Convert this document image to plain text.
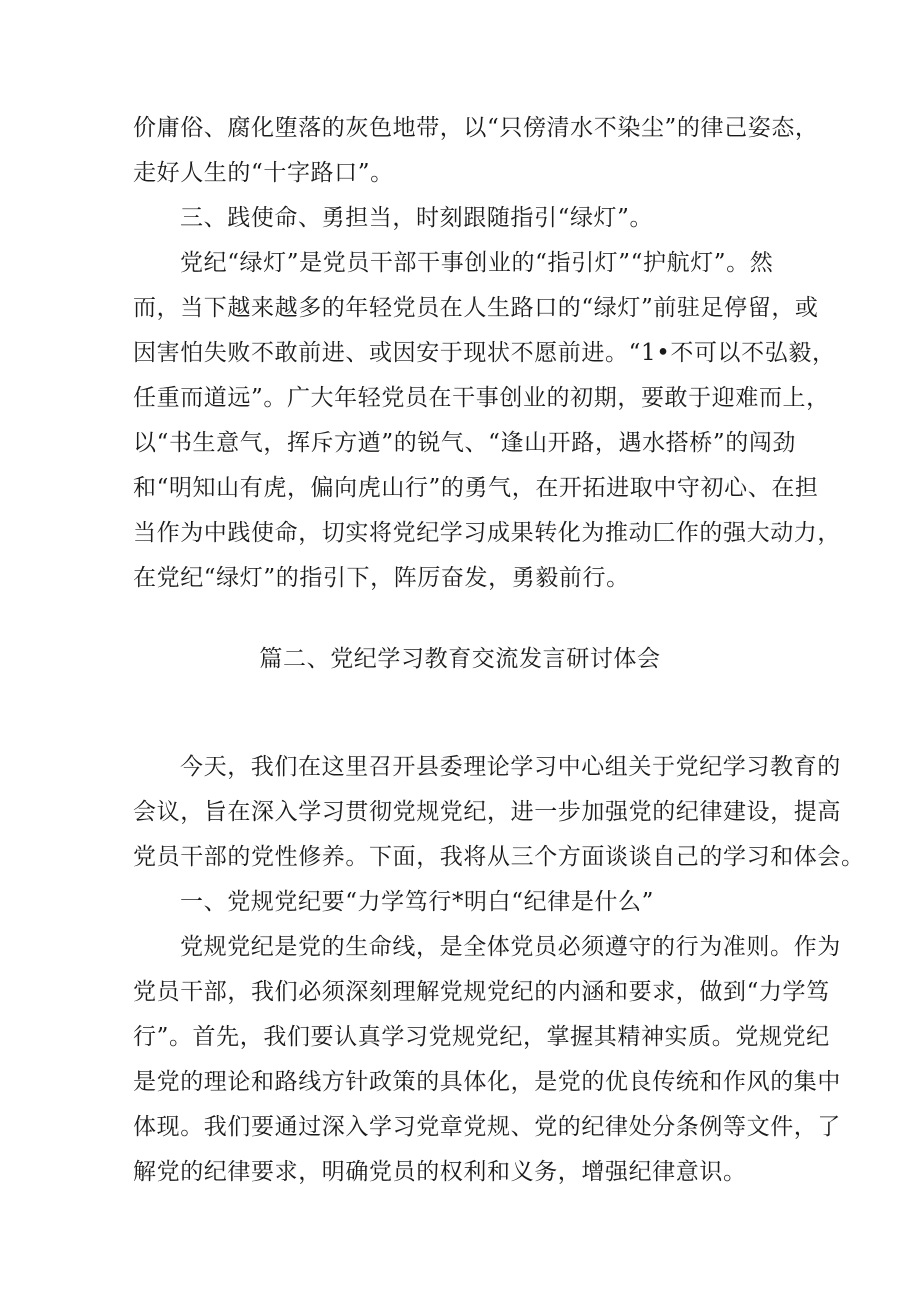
价庸俗、腐化堕落的灰色地带，以“只傍清水不染尘”的律己姿态，
走好人生的“十字路口”。
三、践使命、勇担当，时刻跟随指引“绿灯”。
党纪“绿灯”是党员干部干事创业的“指引灯”“护航灯”。然
而，当下越来越多的年轻党员在人生路口的“绿灯”前驻足停留，或
因害怕失败不敢前进、或因安于现状不愿前进。“1•不可以不弘毅，
任重而道远”。广大年轻党员在干事创业的初期，要敢于迎难而上，
以“书生意气，挥斥方遒”的锐气、“逢山开路，遇水搭桥”的闯劲
和“明知山有虎，偏向虎山行”的勇气，在开拓进取中守初心、在担
当作为中践使命，切实将党纪学习成果转化为推动匚作的强大动力，
在党纪“绿灯”的指引下，阵厉奋发，勇毅前行。
篇二、党纪学习教育交流发言研讨体会
今天，我们在这里召开县委理论学习中心组关于党纪学习教育的
会议，旨在深入学习贯彻党规党纪，进一步加强党的纪律建设，提高
党员干部的党性修养。下面，我将从三个方面谈谈自己的学习和体会。
一、党规党纪要“力学笃行*明白“纪律是什么”
党规党纪是党的生命线，是全体党员必须遵守的行为准则。作为
党员干部，我们必须深刻理解党规党纪的内涵和要求，做到“力学笃
行”。首先，我们要认真学习党规党纪，掌握其精神实质。党规党纪
是党的理论和路线方针政策的具体化，是党的优良传统和作风的集中
体现。我们要通过深入学习党章党规、党的纪律处分条例等文件，了
解党的纪律要求，明确党员的权利和义务，增强纪律意识。
